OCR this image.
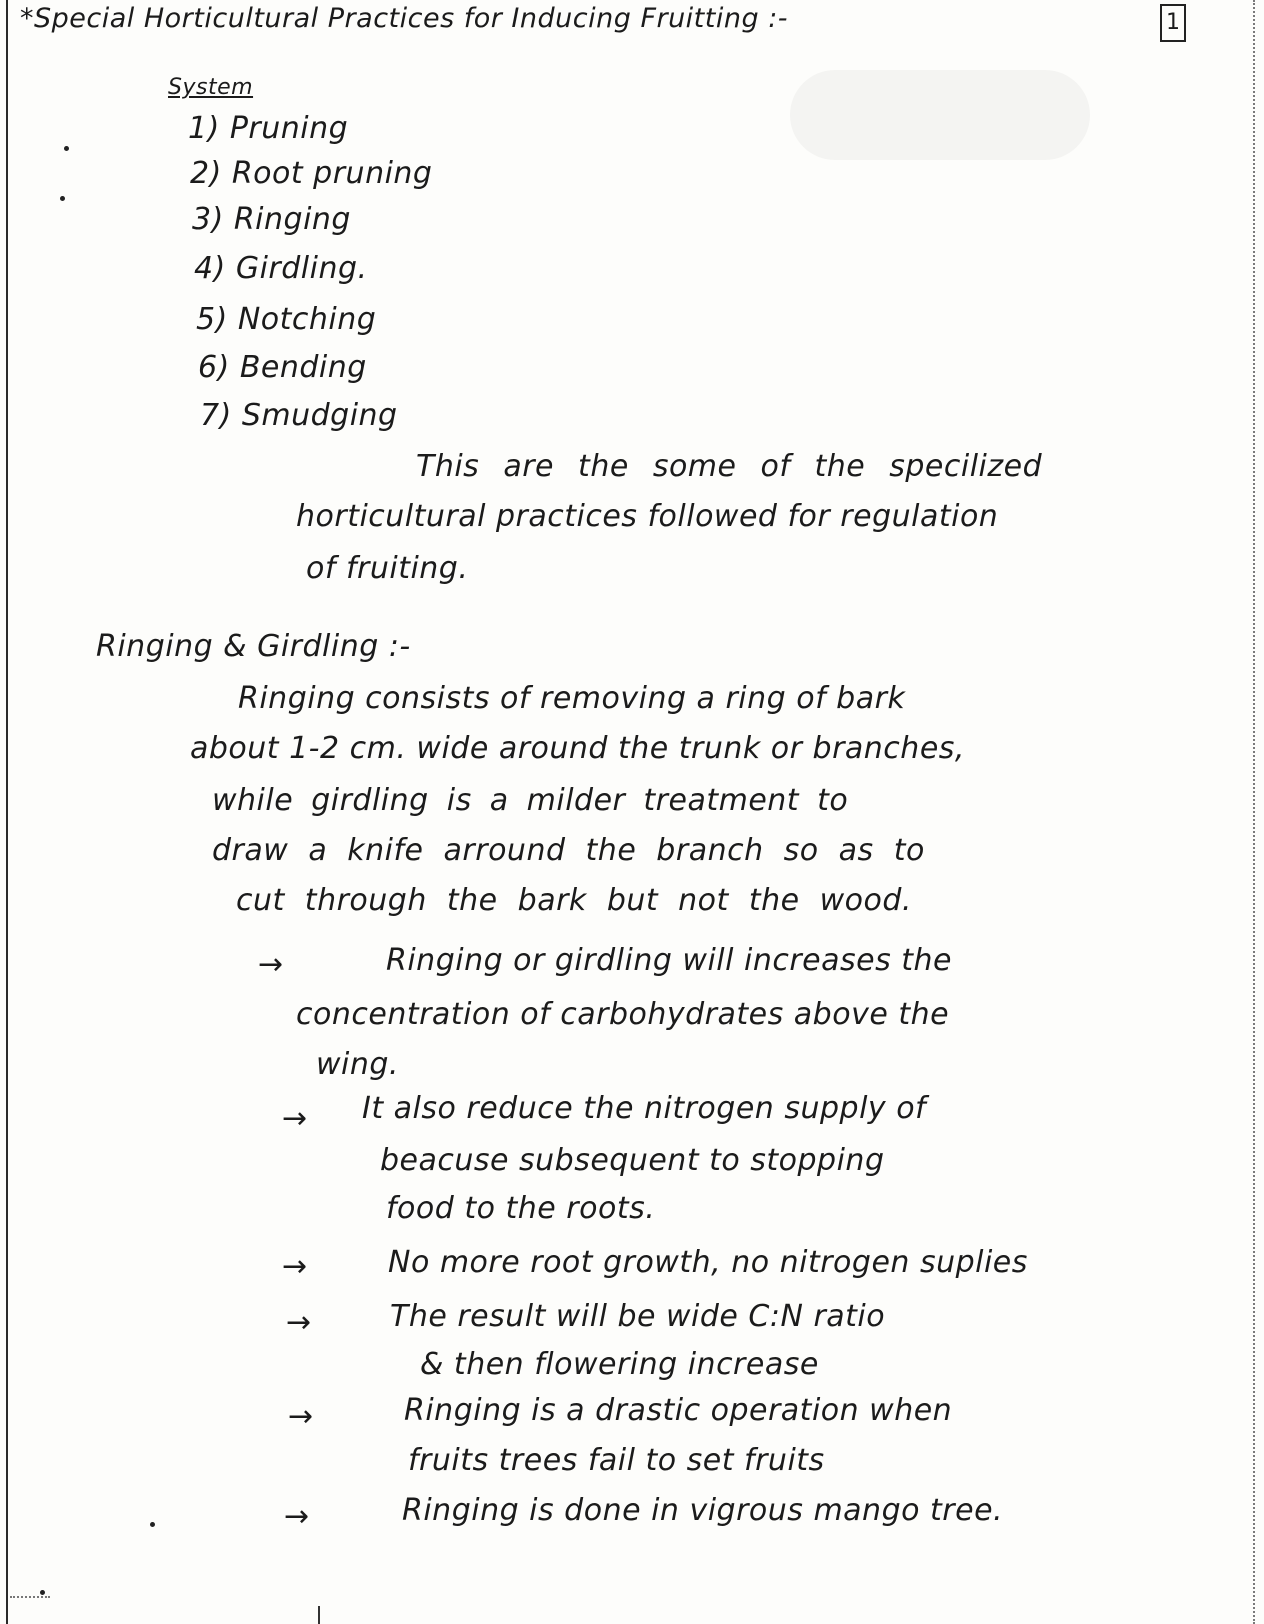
*Special Horticultural Practices for Inducing Fruitting :-	1
System
1) Pruning
2) Root pruning
3) Ringing
4) Girdling.
5) Notching
6) Bending
7) Smudging
This are the some of the specilized
horticultural practices followed for regulation
of fruiting.
Ringing & Girdling :-
Ringing consists of removing a ring of bark
about 1-2 cm. wide around the trunk or branches,
while girdling is a milder treatment to
draw a knife arround the branch so as to
cut through the bark but not the wood.
→	Ringing or girdling will increases the
concentration of carbohydrates above the
wing.
→ It also reduce the nitrogen supply of
beacuse subsequent to stopping
food to the roots.
→	No more root growth, no nitrogen suplies
→	The result will be wide C:N ratio
& then flowering increase
→	Ringing is a drastic operation when
fruits trees fail to set fruits
→	Ringing is done in vigrous mango tree.
